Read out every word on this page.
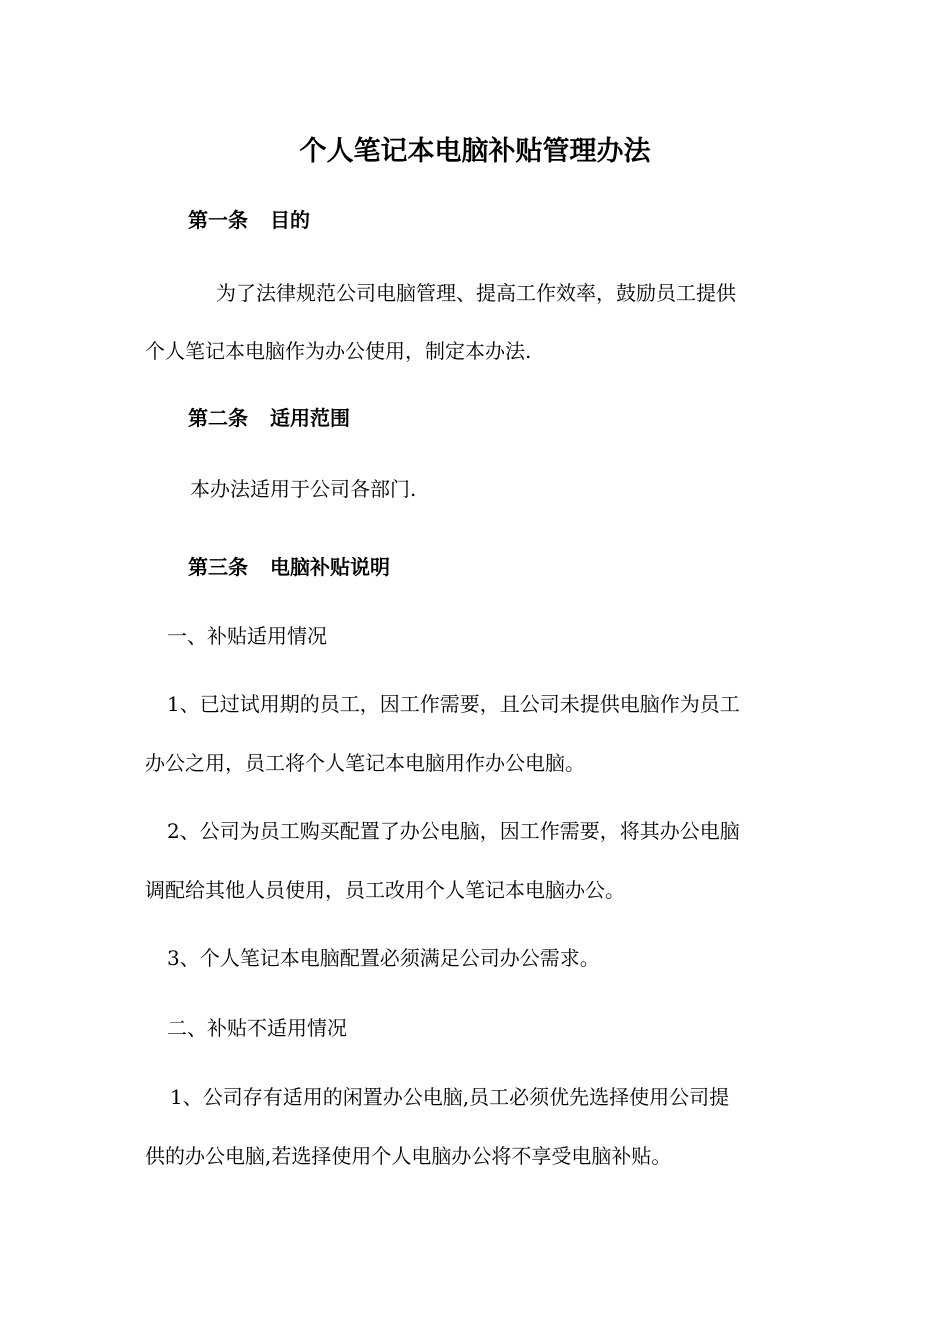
个人笔记本电脑补贴管理办法
第一条 目的
为了法律规范公司电脑管理、提高工作效率，鼓励员工提供
个人笔记本电脑作为办公使用，制定本办法.
第二条 适用范围
本办法适用于公司各部门.
第三条 电脑补贴说明
一、补贴适用情况
1、已过试用期的员工，因工作需要，且公司未提供电脑作为员工
办公之用，员工将个人笔记本电脑用作办公电脑。
2、公司为员工购买配置了办公电脑，因工作需要，将其办公电脑
调配给其他人员使用，员工改用个人笔记本电脑办公。
3、个人笔记本电脑配置必须满足公司办公需求。
二、补贴不适用情况
1、公司存有适用的闲置办公电脑,员工必须优先选择使用公司提
供的办公电脑,若选择使用个人电脑办公将不享受电脑补贴。
